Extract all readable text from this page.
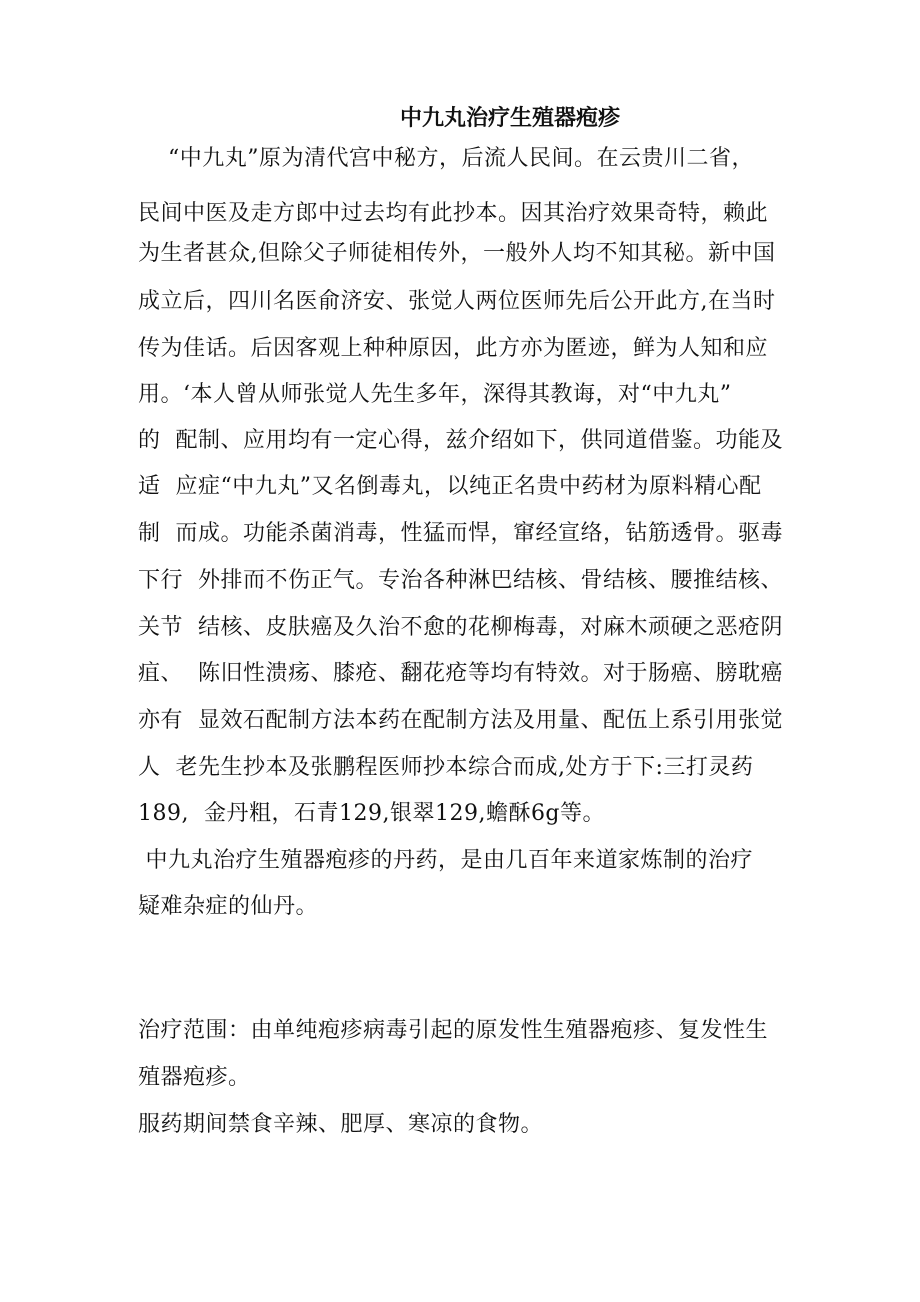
中九丸治疗生殖器疱疹
“中九丸”原为清代宫中秘方，后流人民间。在云贵川二省，
民间中医及走方郎中过去均有此抄本。因其治疗效果奇特，赖此
为生者甚众,但除父子师徒相传外，一般外人均不知其秘。新中国
成立后，四川名医俞济安、张觉人两位医师先后公开此方,在当时
传为佳话。后因客观上种种原因，此方亦为匿迹，鲜为人知和应
用。‘本人曾从师张觉人先生多年，深得其教诲，对“中九丸”
的  配制、应用均有一定心得，兹介绍如下，供同道借鉴。功能及
适  应症“中九丸”又名倒毒丸，以纯正名贵中药材为原料精心配
制  而成。功能杀菌消毒，性猛而悍，窜经宣络，钻筋透骨。驱毒
下行  外排而不伤正气。专治各种淋巴结核、骨结核、腰推结核、
关节  结核、皮肤癌及久治不愈的花柳梅毒，对麻木顽硬之恶疮阴
疽、  陈旧性溃疡、膝疮、翻花疮等均有特效。对于肠癌、膀耽癌
亦有  显效石配制方法本药在配制方法及用量、配伍上系引用张觉
人  老先生抄本及张鹏程医师抄本综合而成,处方于下:三打灵药
189,  金丹粗，石青129,银翠129,蟾酥6g等。
中九丸治疗生殖器疱疹的丹药，是由几百年来道家炼制的治疗
疑难杂症的仙丹。
治疗范围：由单纯疱疹病毒引起的原发性生殖器疱疹、复发性生
殖器疱疹。
服药期间禁食辛辣、肥厚、寒凉的食物。
